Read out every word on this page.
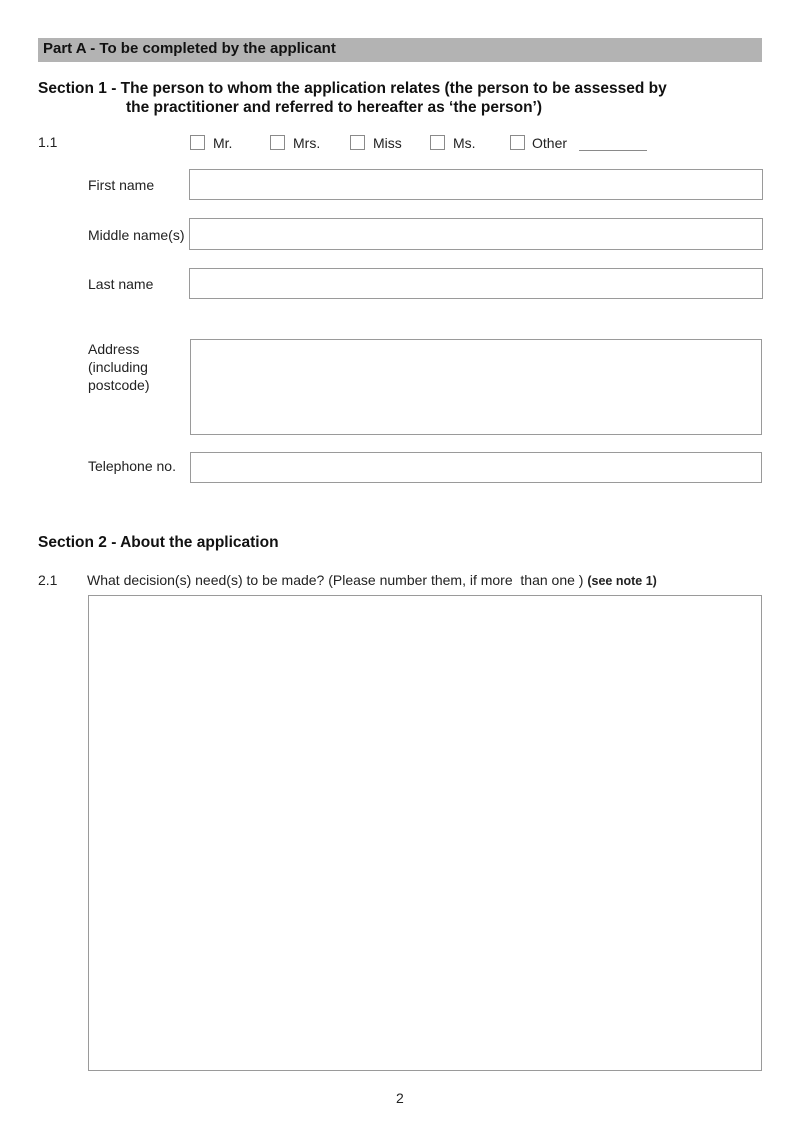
Part A - To be completed by the applicant
Section 1 - The person to whom the application relates (the person to be assessed by
the practitioner and referred to hereafter as ‘the person’)
1.1	Mr.	Mrs.	Miss	Ms.	Other
First name
Middle name(s)
Last name
Address
(including
postcode)
Telephone no.
Section 2 - About the application
2.1 What decision(s) need(s) to be made? (Please number them, if more  than one ) (see note 1)
2
